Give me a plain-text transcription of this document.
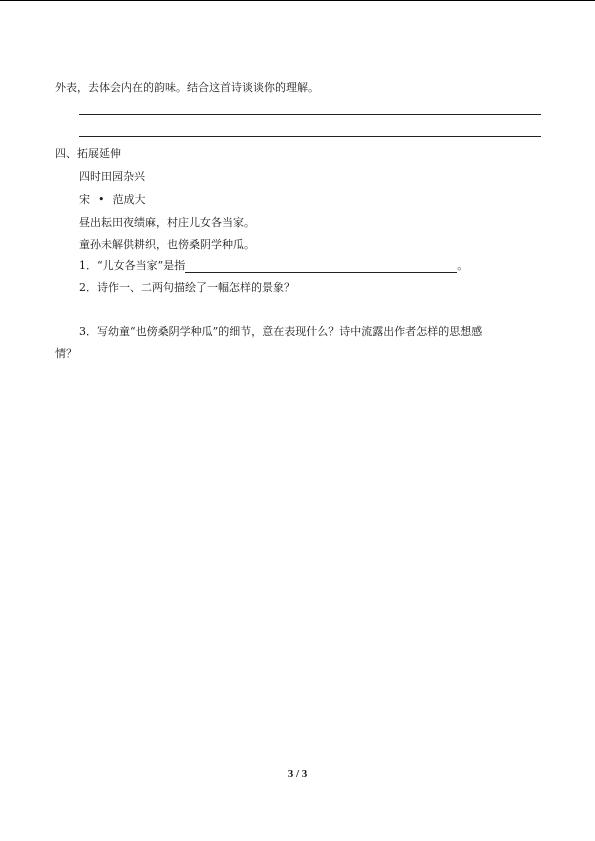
外表，去体会内在的韵味。结合这首诗谈谈你的理解。
四、拓展延伸
四时田园杂兴
宋 • 范成大
昼出耘田夜绩麻，村庄儿女各当家。
童孙未解供耕织，也傍桑阴学种瓜。
1．“儿女各当家”是指	。
2．诗作一、二两句描绘了一幅怎样的景象？
3．写幼童“也傍桑阴学种瓜”的细节，意在表现什么？诗中流露出作者怎样的思想感
情？
3 / 3
